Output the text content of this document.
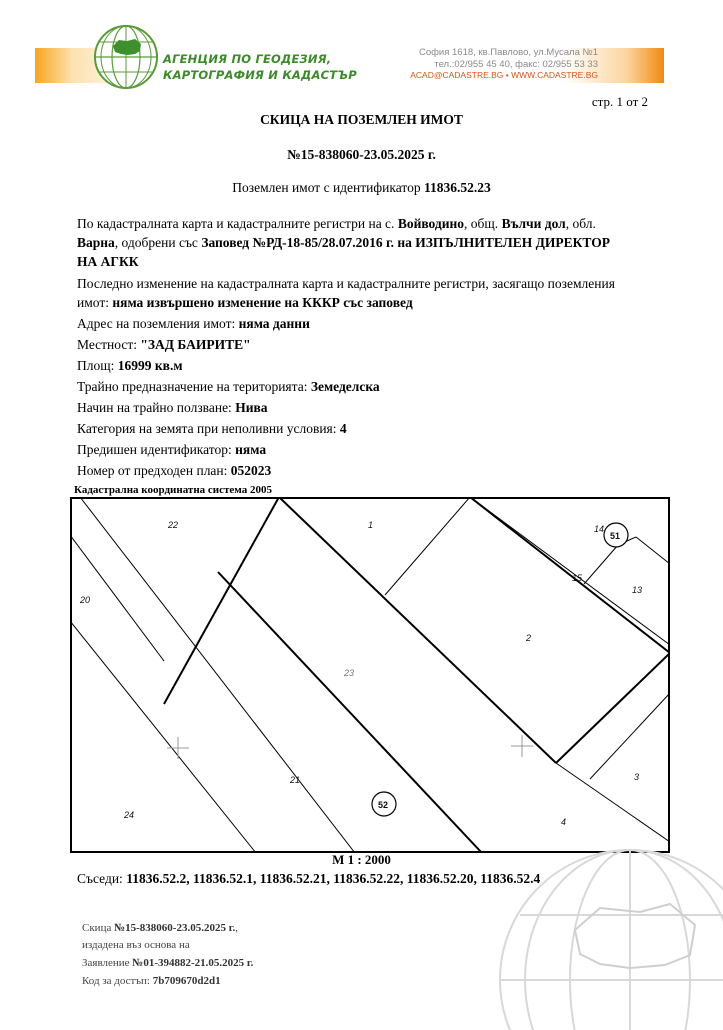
АГЕНЦИЯ ПО ГЕОДЕЗИЯ,
КАРТОГРАФИЯ И КАДАСТЪР
София 1618, кв.Павлово, ул.Мусала №1
тел.:02/955 45 40, факс: 02/955 53 33
ACAD@CADASTRE.BG • WWW.CADASTRE.BG
стр. 1 от 2
СКИЦА НА ПОЗЕМЛЕН ИМОТ
№15-838060-23.05.2025 г.
Поземлен имот с идентификатор 11836.52.23
По кадастралната карта и кадастралните регистри на с. Войводино, общ. Вълчи дол, обл.
Варна, одобрени със Заповед №РД-18-85/28.07.2016 г. на ИЗПЪЛНИТЕЛЕН ДИРЕКТОР
НА АГКК
Последно изменение на кадастралната карта и кадастралните регистри, засягащо поземления
имот: няма извършено изменение на КККР със заповед
Адрес на поземления имот: няма данни
Местност: "ЗАД БАИРИТЕ"
Площ: 16999 кв.м
Трайно предназначение на територията: Земеделска
Начин на трайно ползване: Нива
Категория на земята при неполивни условия: 4
Предишен идентификатор: няма
Номер от предходен план: 052023
Кадастрална координатна система 2005
22	1	14
51
15
13
20
2
23
3
21
52
24
4
М 1 : 2000
Съседи: 11836.52.2, 11836.52.1, 11836.52.21, 11836.52.22, 11836.52.20, 11836.52.4
Скица №15-838060-23.05.2025 г.,
издадена въз основа на
Заявление №01-394882-21.05.2025 г.
Код за достъп: 7b709670d2d1
